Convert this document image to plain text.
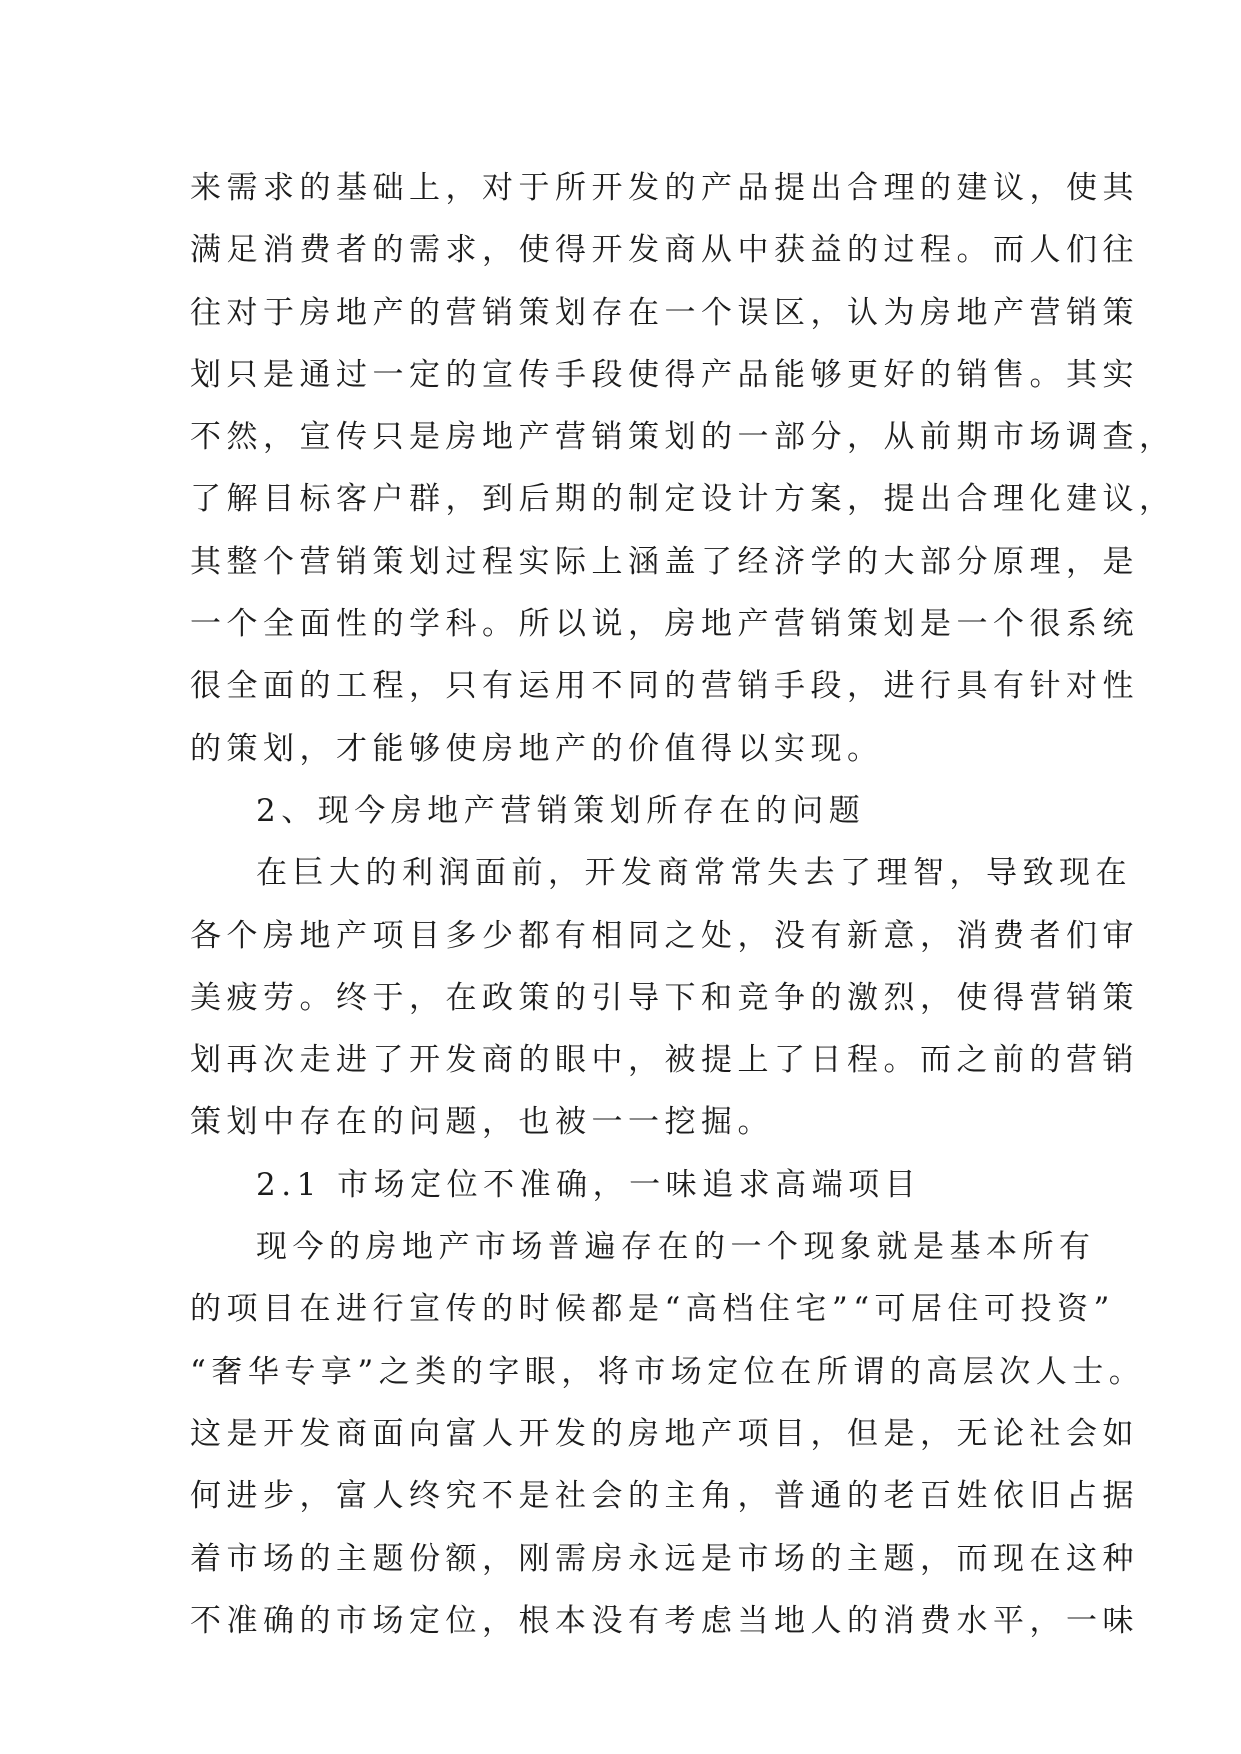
来需求的基础上，对于所开发的产品提出合理的建议，使其
满足消费者的需求，使得开发商从中获益的过程。而人们往
往对于房地产的营销策划存在一个误区，认为房地产营销策
划只是通过一定的宣传手段使得产品能够更好的销售。其实
不然，宣传只是房地产营销策划的一部分，从前期市场调查，
了解目标客户群，到后期的制定设计方案，提出合理化建议，
其整个营销策划过程实际上涵盖了经济学的大部分原理，是
一个全面性的学科。所以说，房地产营销策划是一个很系统
很全面的工程，只有运用不同的营销手段，进行具有针对性
的策划，才能够使房地产的价值得以实现。
2、现今房地产营销策划所存在的问题
在巨大的利润面前，开发商常常失去了理智，导致现在
各个房地产项目多少都有相同之处，没有新意，消费者们审
美疲劳。终于，在政策的引导下和竞争的激烈，使得营销策
划再次走进了开发商的眼中，被提上了日程。而之前的营销
策划中存在的问题，也被一一挖掘。
2.1 市场定位不准确，一味追求高端项目
现今的房地产市场普遍存在的一个现象就是基本所有
的项目在进行宣传的时候都是“高档住宅”“可居住可投资”
“奢华专享”之类的字眼，将市场定位在所谓的高层次人士。
这是开发商面向富人开发的房地产项目，但是，无论社会如
何进步，富人终究不是社会的主角，普通的老百姓依旧占据
着市场的主题份额，刚需房永远是市场的主题，而现在这种
不准确的市场定位，根本没有考虑当地人的消费水平，一味
